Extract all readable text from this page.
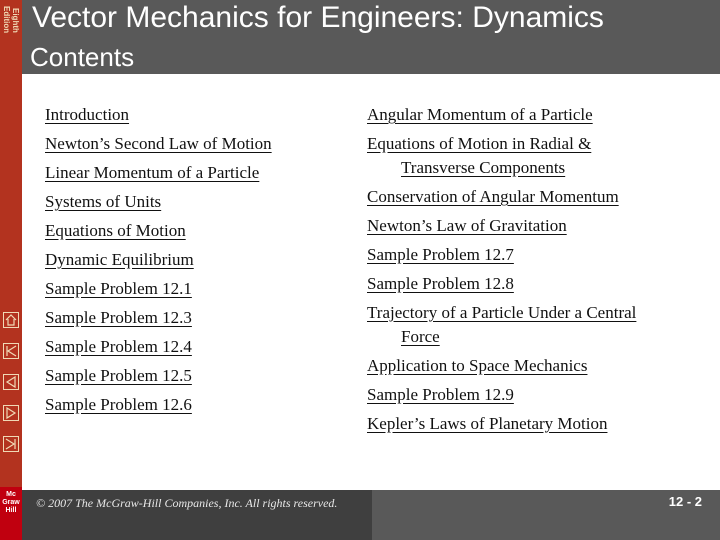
Eighth Edition Vector Mechanics for Engineers: Dynamics
Contents
Mc Graw Hill
Introduction
Newton’s Second Law of Motion
Linear Momentum of a Particle
Systems of Units
Equations of Motion
Dynamic Equilibrium
Sample Problem 12.1
Sample Problem 12.3
Sample Problem 12.4
Sample Problem 12.5
Sample Problem 12.6
Angular Momentum of a Particle
Equations of Motion in Radial &
Transverse Components
Conservation of Angular Momentum
Newton’s Law of Gravitation
Sample Problem 12.7
Sample Problem 12.8
Trajectory of a Particle Under a Central
Force
Application to Space Mechanics
Sample Problem 12.9
Kepler’s Laws of Planetary Motion
© 2007 The McGraw-Hill Companies, Inc. All rights reserved.	12 - 2
